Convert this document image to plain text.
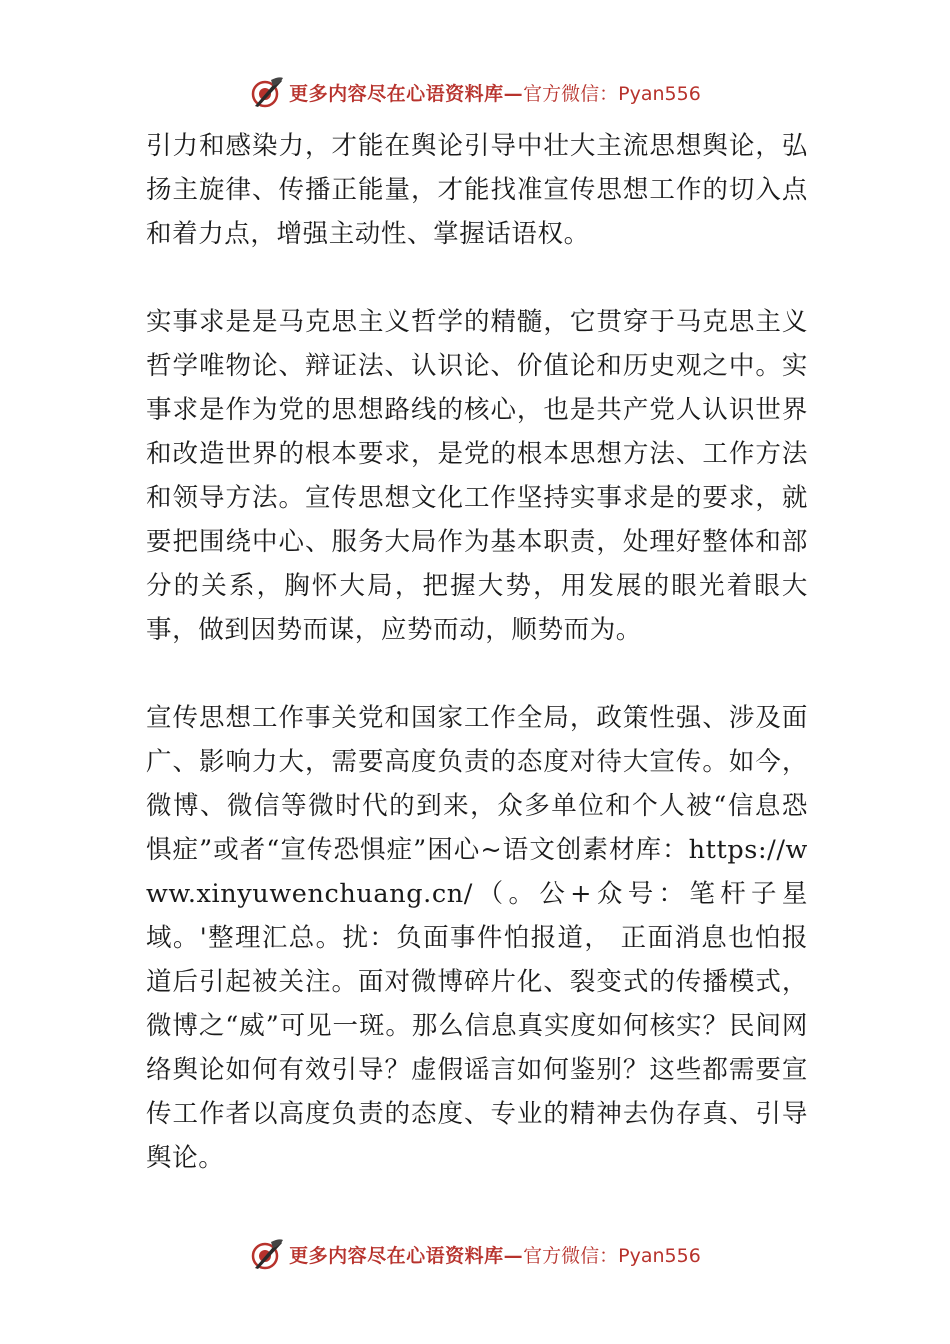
更多内容尽在心语资料库— 官方微信：Pyan556

引力和感染力，才能在舆论引导中壮大主流思想舆论，弘扬主旋律、传播正能量，才能找准宣传思想工作的切入点和着力点，增强主动性、掌握话语权。

实事求是是马克思主义哲学的精髓，它贯穿于马克思主义哲学唯物论、辩证法、认识论、价值论和历史观之中。实事求是作为党的思想路线的核心，也是共产党人认识世界和改造世界的根本要求，是党的根本思想方法、工作方法和领导方法。宣传思想文化工作坚持实事求是的要求，就要把围绕中心、服务大局作为基本职责，处理好整体和部分的关系，胸怀大局，把握大势，用发展的眼光着眼大事，做到因势而谋，应势而动，顺势而为。

宣传思想工作事关党和国家工作全局，政策性强、涉及面广、影响力大，需要高度负责的态度对待大宣传。如今，微博、微信等微时代的到来，众多单位和个人被“信息恐惧症”或者“宣传恐惧症”困心~语文创素材库：https://www.xinyuwenchuang.cn/（。公+众号：笔杆子星域。'整理汇总。扰：负面事件怕报道， 正面消息也怕报道后引起被关注。面对微博碎片化、裂变式的传播模式，微博之“威”可见一斑。那么信息真实度如何核实？民间网络舆论如何有效引导？虚假谣言如何鉴别？这些都需要宣传工作者以高度负责的态度、专业的精神去伪存真、引导舆论。

更多内容尽在心语资料库— 官方微信：Pyan556
